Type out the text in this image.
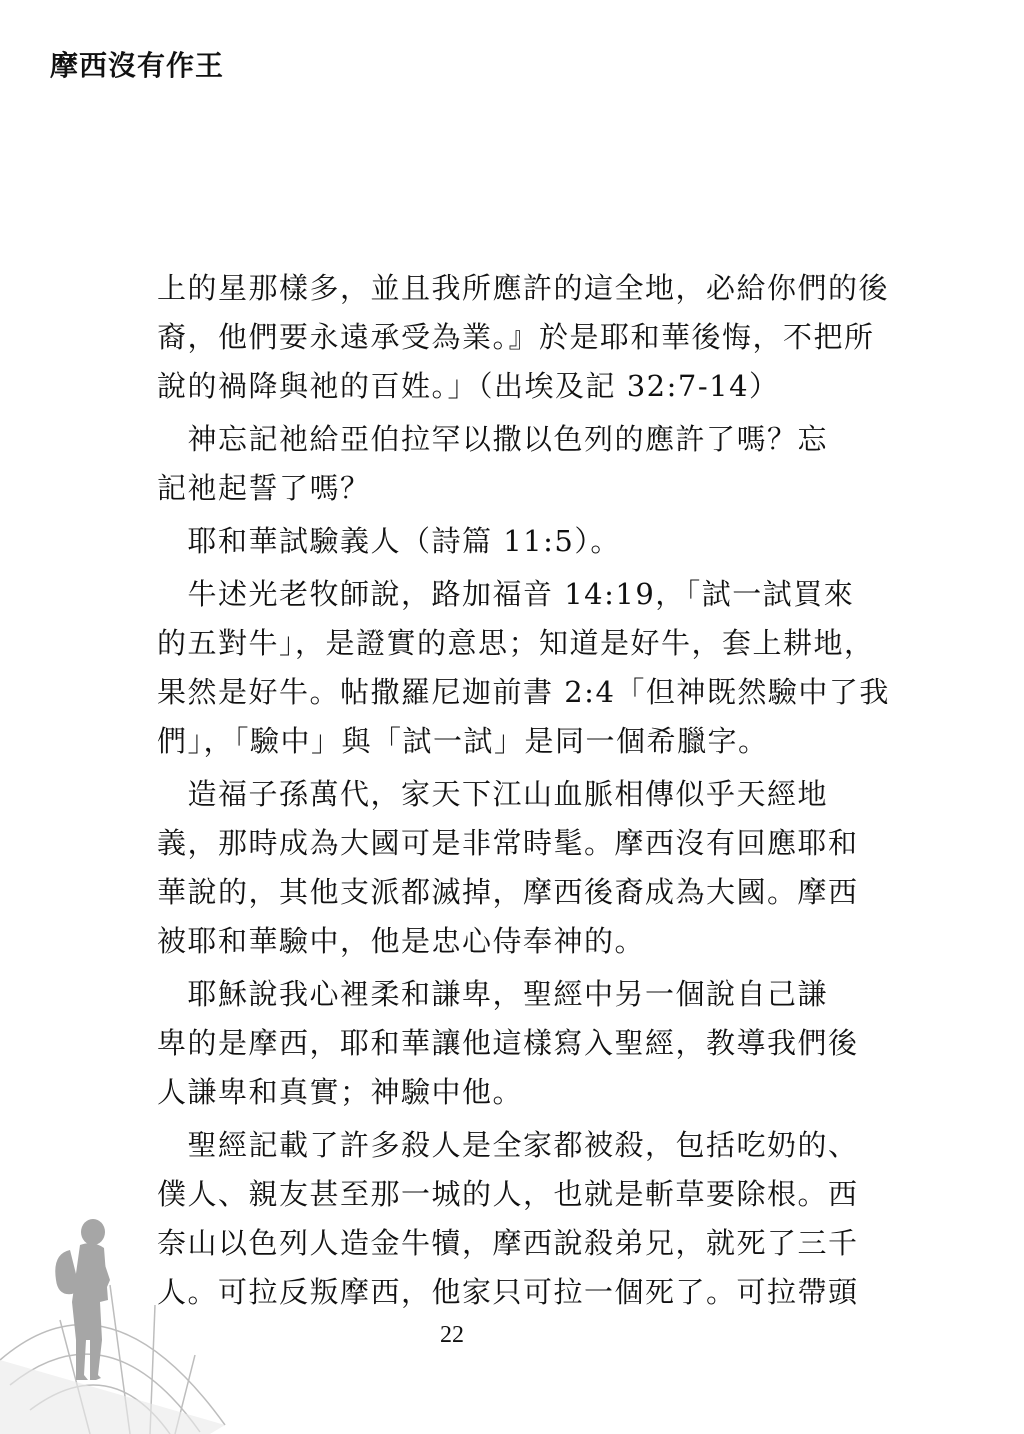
摩西沒有作王
上的星那樣多，並且我所應許的這全地，必給你們的後
裔，他們要永遠承受為業。』於是耶和華後悔，不把所
說的禍降與祂的百姓。」（出埃及記 32:7-14）
　神忘記祂給亞伯拉罕以撒以色列的應許了嗎？忘
記祂起誓了嗎？
　耶和華試驗義人（詩篇 11:5）。
　牛述光老牧師說，路加福音 14:19，「試一試買來
的五對牛」，是證實的意思；知道是好牛，套上耕地，
果然是好牛。帖撒羅尼迦前書 2:4「但神既然驗中了我
們」，「驗中」與「試一試」是同一個希臘字。
　造福子孫萬代，家天下江山血脈相傳似乎天經地
義，那時成為大國可是非常時髦。摩西沒有回應耶和
華說的，其他支派都滅掉，摩西後裔成為大國。摩西
被耶和華驗中，他是忠心侍奉神的。
　耶穌說我心裡柔和謙卑，聖經中另一個說自己謙
卑的是摩西，耶和華讓他這樣寫入聖經，教導我們後
人謙卑和真實；神驗中他。
　聖經記載了許多殺人是全家都被殺，包括吃奶的、
僕人、親友甚至那一城的人，也就是斬草要除根。西
奈山以色列人造金牛犢，摩西說殺弟兄，就死了三千
人。可拉反叛摩西，他家只可拉一個死了。可拉帶頭
22
